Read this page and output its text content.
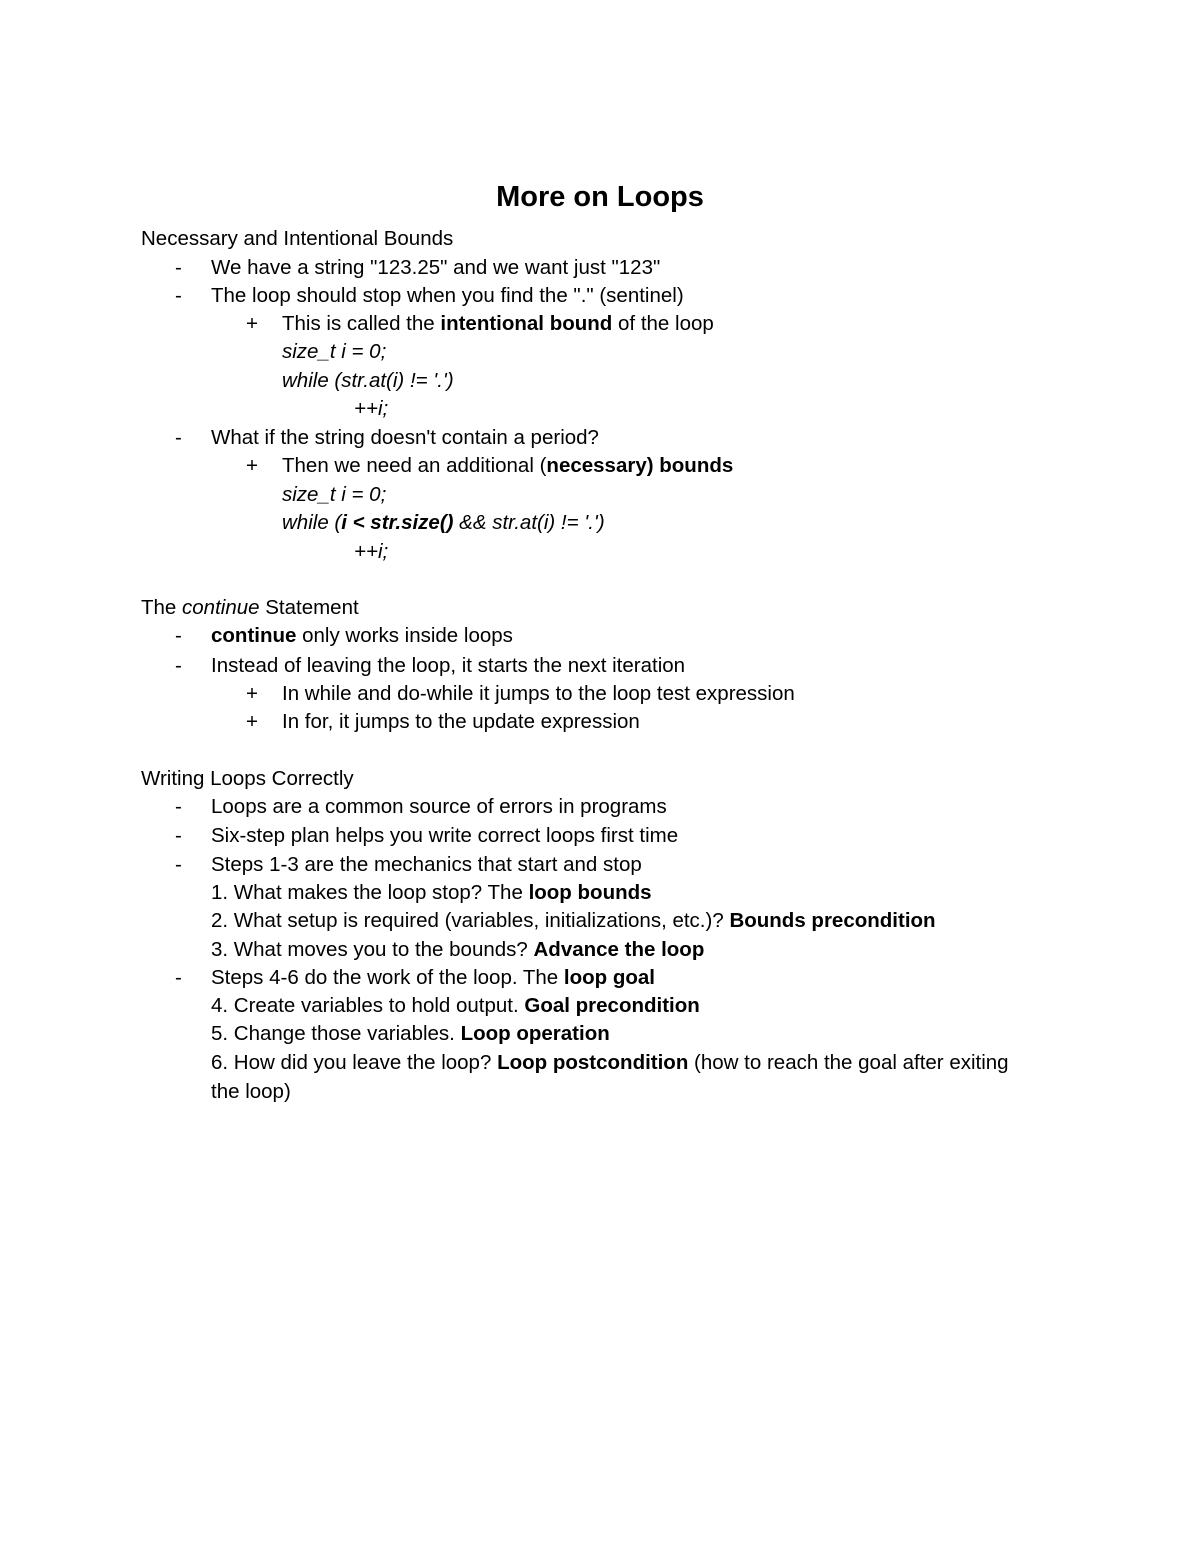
More on Loops
Necessary and Intentional Bounds
- We have a string "123.25" and we want just "123"
- The loop should stop when you find the "." (sentinel)
+ This is called the intentional bound of the loop
size_t i = 0;
while (str.at(i) != '.')
++i;
- What if the string doesn't contain a period?
+ Then we need an additional (necessary) bounds
size_t i = 0;
while (i < str.size() && str.at(i) != '.')
++i;
The continue Statement
- continue only works inside loops
- Instead of leaving the loop, it starts the next iteration
+ In while and do-while it jumps to the loop test expression
+ In for, it jumps to the update expression
Writing Loops Correctly
- Loops are a common source of errors in programs
- Six-step plan helps you write correct loops first time
- Steps 1-3 are the mechanics that start and stop
1. What makes the loop stop? The loop bounds
2. What setup is required (variables, initializations, etc.)? Bounds precondition
3. What moves you to the bounds? Advance the loop
- Steps 4-6 do the work of the loop. The loop goal
4. Create variables to hold output. Goal precondition
5. Change those variables. Loop operation
6. How did you leave the loop? Loop postcondition (how to reach the goal after exiting
the loop)
